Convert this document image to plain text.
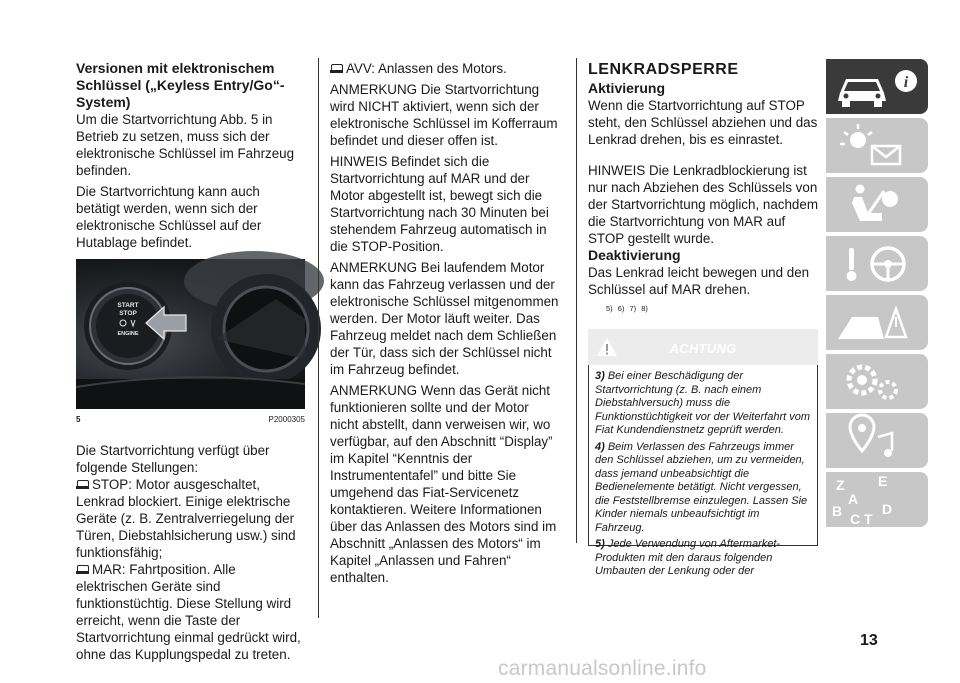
Versionen mit elektronischem Schlüssel („Keyless Entry/Go“-System)

Um die Startvorrichtung Abb. 5 in Betrieb zu setzen, muss sich der elektronische Schlüssel im Fahrzeug befinden.

Die Startvorrichtung kann auch betätigt werden, wenn sich der elektronische Schlüssel auf der Hutablage befindet.

START
STOP
ENGINE
5	P2000305

Die Startvorrichtung verfügt über folgende Stellungen:

STOP: Motor ausgeschaltet, Lenkrad blockiert. Einige elektrische Geräte (z. B. Zentralverriegelung der Türen, Diebstahlsicherung usw.) sind funktionsfähig;

MAR: Fahrtposition. Alle elektrischen Geräte sind funktionstüchtig. Diese Stellung wird erreicht, wenn die Taste der Startvorrichtung einmal gedrückt wird, ohne das Kupplungspedal zu treten.

AVV: Anlassen des Motors.

ANMERKUNG Die Startvorrichtung wird NICHT aktiviert, wenn sich der elektronische Schlüssel im Kofferraum befindet und dieser offen ist.

HINWEIS Befindet sich die Startvorrichtung auf MAR und der Motor abgestellt ist, bewegt sich die Startvorrichtung nach 30 Minuten bei stehendem Fahrzeug automatisch in die STOP-Position.

ANMERKUNG Bei laufendem Motor kann das Fahrzeug verlassen und der elektronische Schlüssel mitgenommen werden. Der Motor läuft weiter. Das Fahrzeug meldet nach dem Schließen der Tür, dass sich der Schlüssel nicht im Fahrzeug befindet.

ANMERKUNG Wenn das Gerät nicht funktionieren sollte und der Motor nicht abstellt, dann verweisen wir, wo verfügbar, auf den Abschnitt “Display” im Kapitel “Kenntnis der Instrumententafel” und bitte Sie umgehend das Fiat-Servicenetz kontaktieren. Weitere Informationen über das Anlassen des Motors sind im Abschnitt „Anlassen des Motors“ im Kapitel „Anlassen und Fahren“ enthalten.

LENKRADSPERRE
Aktivierung

Wenn die Startvorrichtung auf STOP steht, den Schlüssel abziehen und das Lenkrad drehen, bis es einrastet.

HINWEIS Die Lenkradblockierung ist nur nach Abziehen des Schlüssels von der Startvorrichtung möglich, nachdem die Startvorrichtung von MAR auf STOP gestellt wurde.

Deaktivierung

Das Lenkrad leicht bewegen und den Schlüssel auf MAR drehen.

5) 6) 7) 8)
ACHTUNG

3) Bei einer Beschädigung der Startvorrichtung (z. B. nach einem Diebstahlversuch) muss die Funktionstüchtigkeit vor der Weiterfahrt vom Fiat Kundendienstnetz geprüft werden.

4) Beim Verlassen des Fahrzeugs immer den Schlüssel abziehen, um zu vermeiden, dass jemand unbeabsichtigt die Bedienelemente betätigt. Nicht vergessen, die Feststellbremse einzulegen. Lassen Sie Kinder niemals unbeaufsichtigt im Fahrzeug.

5) Jede Verwendung von Aftermarket-Produkten mit den daraus folgenden Umbauten der Lenkung oder der

i
Z E
A
B C T
D
13
carmanualsonline.info
